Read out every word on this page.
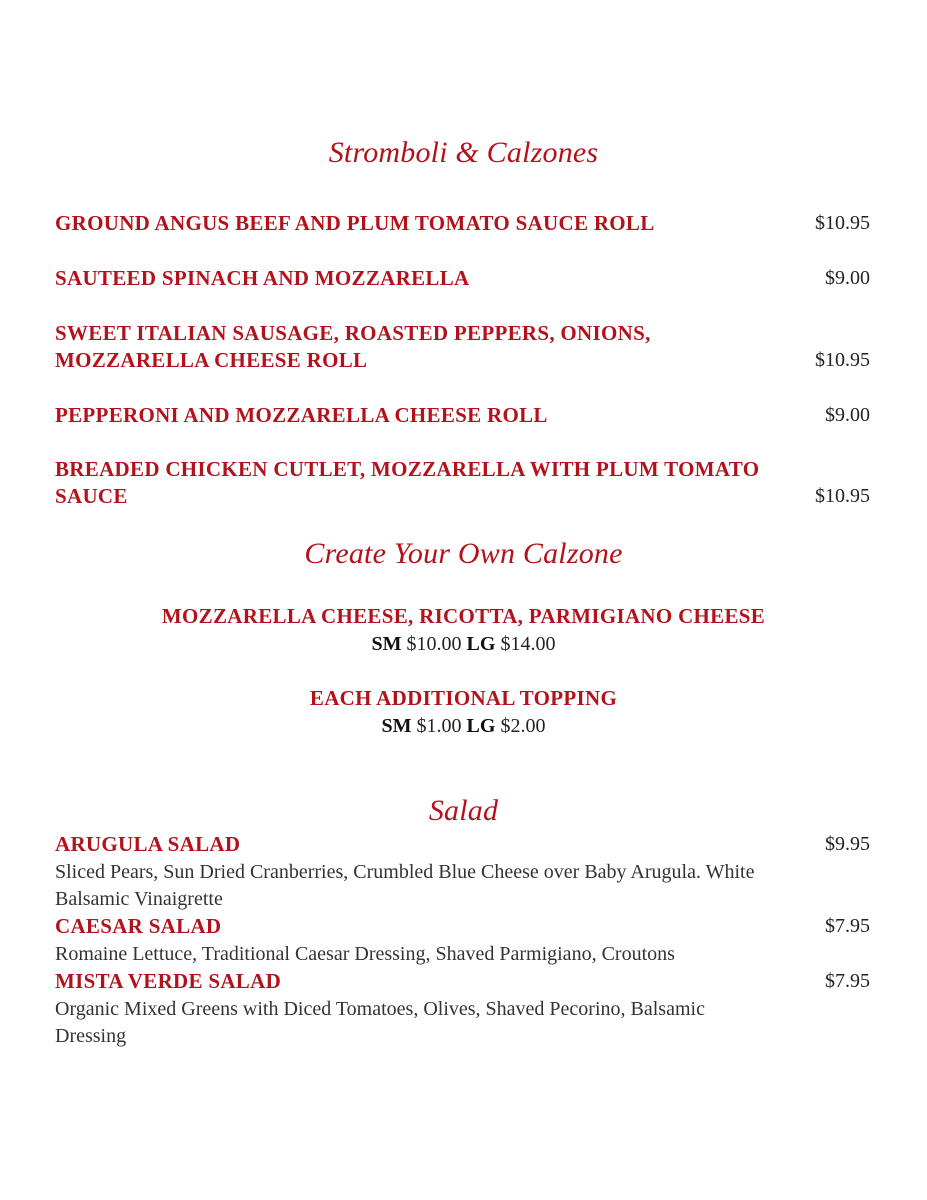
Stromboli & Calzones
GROUND ANGUS BEEF AND PLUM TOMATO SAUCE ROLL	$10.95
SAUTEED SPINACH AND MOZZARELLA	$9.00
SWEET ITALIAN SAUSAGE, ROASTED PEPPERS, ONIONS,
MOZZARELLA CHEESE ROLL	$10.95
PEPPERONI AND MOZZARELLA CHEESE ROLL	$9.00
BREADED CHICKEN CUTLET, MOZZARELLA WITH PLUM TOMATO
SAUCE	$10.95
Create Your Own Calzone
MOZZARELLA CHEESE, RICOTTA, PARMIGIANO CHEESE
SM $10.00 LG $14.00
EACH ADDITIONAL TOPPING
SM $1.00 LG $2.00
Salad
ARUGULA SALAD	$9.95
Sliced Pears, Sun Dried Cranberries, Crumbled Blue Cheese over Baby Arugula. White
Balsamic Vinaigrette
CAESAR SALAD	$7.95
Romaine Lettuce, Traditional Caesar Dressing, Shaved Parmigiano, Croutons
MISTA VERDE SALAD	$7.95
Organic Mixed Greens with Diced Tomatoes, Olives, Shaved Pecorino, Balsamic
Dressing
